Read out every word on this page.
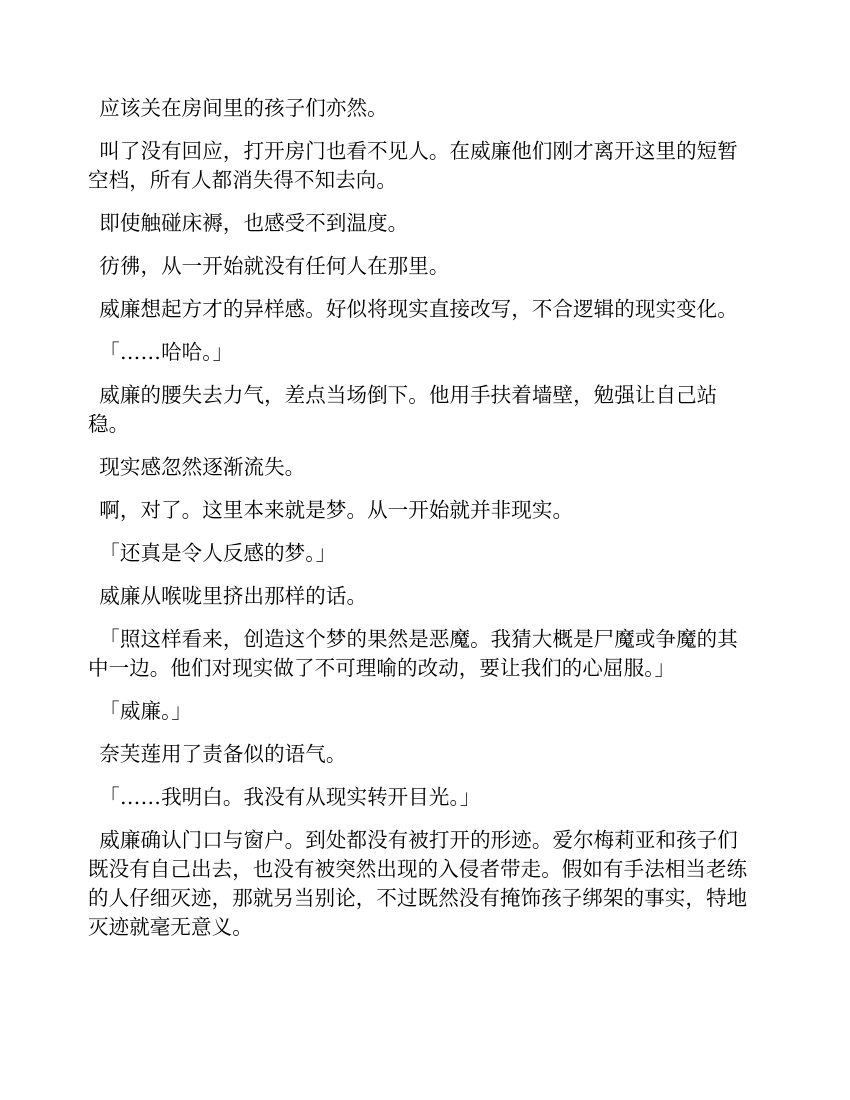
应该关在房间里的孩子们亦然。

叫了没有回应，打开房门也看不见人。在威廉他们刚才离开这里的短暂空档，所有人都消失得不知去向。

即使触碰床褥，也感受不到温度。

彷彿，从一开始就没有任何人在那里。

威廉想起方才的异样感。好似将现实直接改写，不合逻辑的现实变化。

「……哈哈。」

威廉的腰失去力气，差点当场倒下。他用手扶着墙壁，勉强让自己站稳。

现实感忽然逐渐流失。

啊，对了。这里本来就是梦。从一开始就并非现实。

「还真是令人反感的梦。」

威廉从喉咙里挤出那样的话。

「照这样看来，创造这个梦的果然是恶魔。我猜大概是尸魔或争魔的其中一边。他们对现实做了不可理喻的改动，要让我们的心屈服。」

「威廉。」

奈芙莲用了责备似的语气。

「……我明白。我没有从现实转开目光。」

威廉确认门口与窗户。到处都没有被打开的形迹。爱尔梅莉亚和孩子们既没有自己出去，也没有被突然出现的入侵者带走。假如有手法相当老练的人仔细灭迹，那就另当别论，不过既然没有掩饰孩子绑架的事实，特地灭迹就毫无意义。
